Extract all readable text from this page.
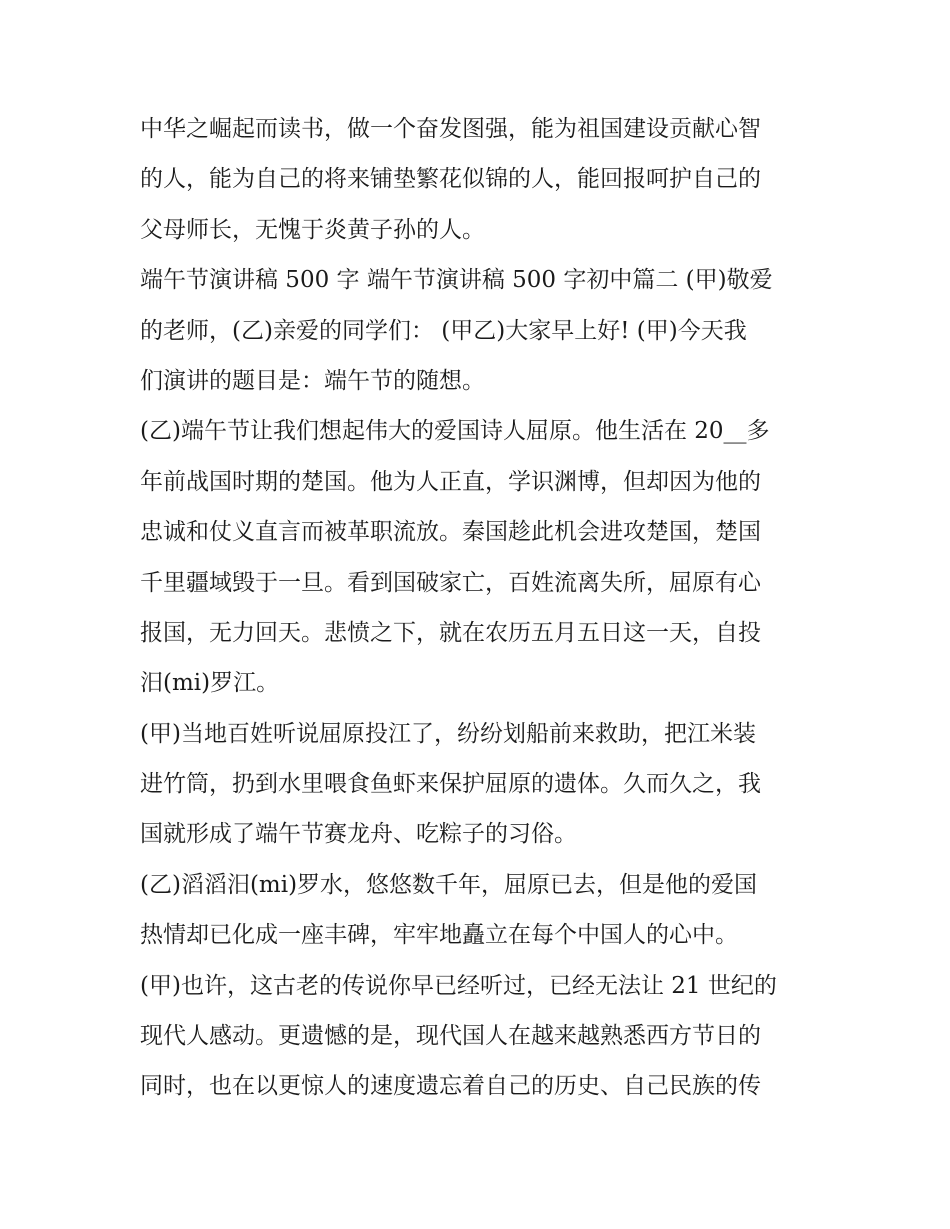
中华之崛起而读书，做一个奋发图强，能为祖国建设贡献心智
的人，能为自己的将来铺垫繁花似锦的人，能回报呵护自己的
父母师长，无愧于炎黄子孙的人。
端午节演讲稿 500 字 端午节演讲稿 500 字初中篇二 (甲)敬爱
的老师，(乙)亲爱的同学们： (甲乙)大家早上好! (甲)今天我
们演讲的题目是：端午节的随想。
(乙)端午节让我们想起伟大的爱国诗人屈原。他生活在 20__多
年前战国时期的楚国。他为人正直，学识渊博，但却因为他的
忠诚和仗义直言而被革职流放。秦国趁此机会进攻楚国，楚国
千里疆域毁于一旦。看到国破家亡，百姓流离失所，屈原有心
报国，无力回天。悲愤之下，就在农历五月五日这一天，自投
汨(mi)罗江。
(甲)当地百姓听说屈原投江了，纷纷划船前来救助，把江米装
进竹筒，扔到水里喂食鱼虾来保护屈原的遗体。久而久之，我
国就形成了端午节赛龙舟、吃粽子的习俗。
(乙)滔滔汨(mi)罗水，悠悠数千年，屈原已去，但是他的爱国
热情却已化成一座丰碑，牢牢地矗立在每个中国人的心中。
(甲)也许，这古老的传说你早已经听过，已经无法让 21 世纪的
现代人感动。更遗憾的是，现代国人在越来越熟悉西方节日的
同时，也在以更惊人的速度遗忘着自己的历史、自己民族的传
